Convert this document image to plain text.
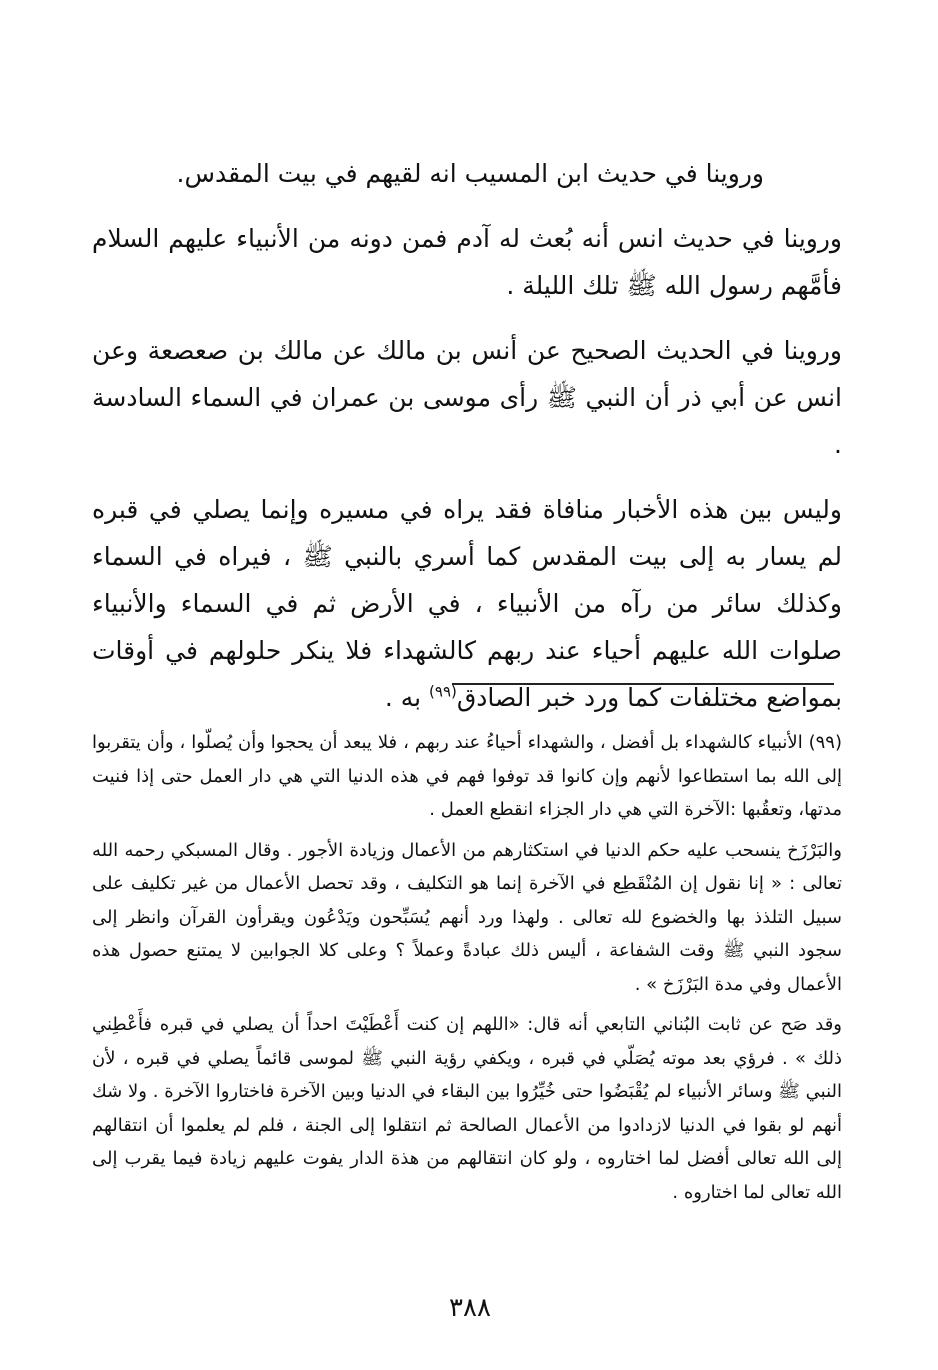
وروينا في حديث ابن المسيب انه لقيهم في بيت المقدس.

وروينا في حديث انس أنه بُعث له آدم فمن دونه من الأنبياء عليهم السلام فأمَّهم رسول الله ﷺ تلك الليلة .

وروينا في الحديث الصحيح عن أنس بن مالك عن مالك بن صعصعة وعن انس عن أبي ذر أن النبي ﷺ رأى موسى بن عمران في السماء السادسة .

وليس بين هذه الأخبار منافاة فقد يراه في مسيره وإنما يصلي في قبره لم يسار به إلى بيت المقدس كما أسري بالنبي ﷺ ، فيراه في السماء وكذلك سائر من رآه من الأنبياء ، في الأرض ثم في السماء والأنبياء صلوات الله عليهم أحياء عند ربهم كالشهداء فلا ينكر حلولهم في أوقات بمواضع مختلفات كما ورد خبر الصادق$^{(٩٩)}$ به .

(٩٩) الأنبياء كالشهداء بل أفضل ، والشهداء أحياءُ عند ربهم ، فلا يبعد أن يحجوا وأن يُصلّوا ، وأن يتقربوا إلى الله بما استطاعوا لأنهم وإن كانوا قد توفوا فهم في هذه الدنيا التي هي دار العمل حتى إذا فنيت مدتها، وتعقُبها :الآخرة التي هي دار الجزاء انقطع العمل .

والبَرْزَخ ينسحب عليه حكم الدنيا في استكثارهم من الأعمال وزيادة الأجور . وقال المسبكي رحمه الله تعالى : « إنا نقول إن المُنْقَطِع في الآخرة إنما هو التكليف ، وقد تحصل الأعمال من غير تكليف على سبيل التلذذ بها والخضوع لله تعالى . ولهذا ورد أنهم يُسَبِّحون ويَدْعُون ويقرأون القرآن وانظر إلى سجود النبي ﷺ وقت الشفاعة ، أليس ذلك عبادةً وعملاً ؟ وعلى كلا الجوابين لا يمتنع حصول هذه الأعمال وفي مدة البَرْزَخ » .

وقد صَح عن ثابت البُناني التابعي أنه قال: «اللهم إن كنت أَعْطَيْتَ احداً أن يصلي في قبره فأَعْطِني ذلك » . فرؤي بعد موته يُصَلّي في قبره ، ويكفي رؤية النبي ﷺ لموسى قائماً يصلي في قبره ، لأن النبي ﷺ وسائر الأنبياء لم يُقْبَضُوا حتى خُيِّرُوا بين البقاء في الدنيا وبين الآخرة فاختاروا الآخرة . ولا شك أنهم لو بقوا في الدنيا لازدادوا من الأعمال الصالحة ثم انتقلوا إلى الجنة ، فلم لم يعلموا أن انتقالهم إلى الله تعالى أفضل لما اختاروه ، ولو كان انتقالهم من هذة الدار يفوت عليهم زيادة فيما يقرب إلى الله تعالى لما اختاروه .

٣٨٨
